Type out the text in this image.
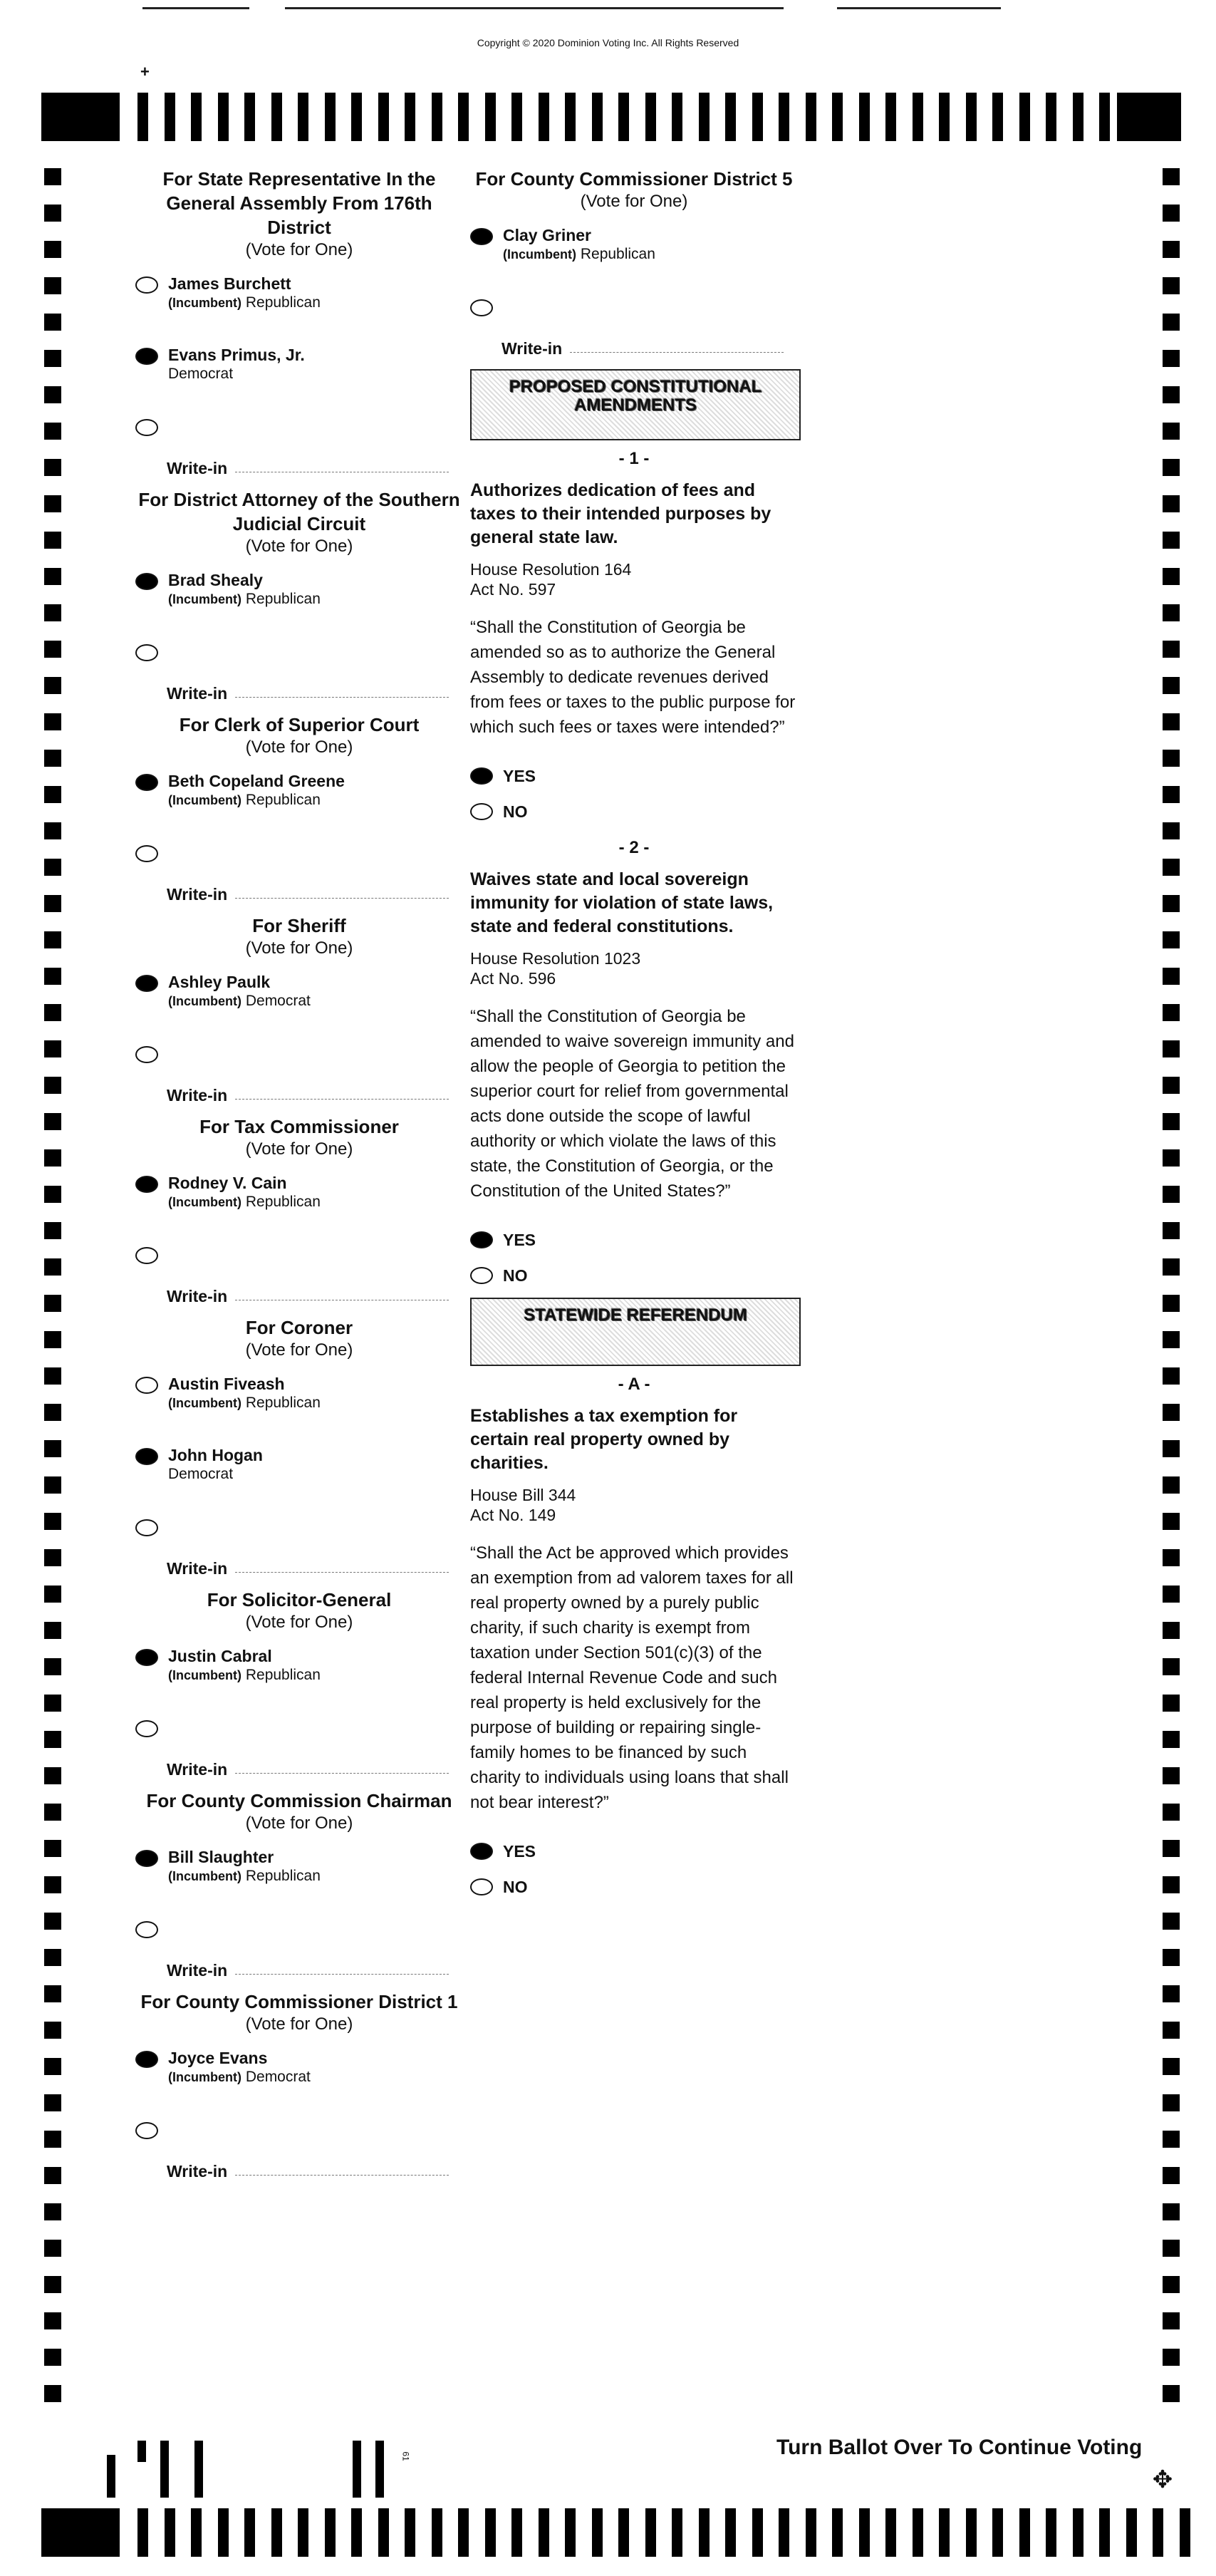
Copyright © 2020 Dominion Voting Inc. All Rights Reserved
+
For State Representative In the General Assembly From 176th District
(Vote for One)
James Burchett
(Incumbent) Republican
Evans Primus, Jr.
Democrat
Write-in
For District Attorney of the Southern Judicial Circuit
(Vote for One)
Brad Shealy
(Incumbent) Republican
Write-in
For Clerk of Superior Court
(Vote for One)
Beth Copeland Greene
(Incumbent) Republican
Write-in
For Sheriff
(Vote for One)
Ashley Paulk
(Incumbent) Democrat
Write-in
For Tax Commissioner
(Vote for One)
Rodney V. Cain
(Incumbent) Republican
Write-in
For Coroner
(Vote for One)
Austin Fiveash
(Incumbent) Republican
John Hogan
Democrat
Write-in
For Solicitor-General
(Vote for One)
Justin Cabral
(Incumbent) Republican
Write-in
For County Commission Chairman
(Vote for One)
Bill Slaughter
(Incumbent) Republican
Write-in
For County Commissioner District 1
(Vote for One)
Joyce Evans
(Incumbent) Democrat
Write-in
For County Commissioner District 5
(Vote for One)
Clay Griner
(Incumbent) Republican
Write-in
PROPOSED CONSTITUTIONAL AMENDMENTS
- 1 -
Authorizes dedication of fees and taxes to their intended purposes by general state law.
House Resolution 164
Act No. 597
“Shall the Constitution of Georgia be amended so as to authorize the General Assembly to dedicate revenues derived from fees or taxes to the public purpose for which such fees or taxes were intended?”
YES
NO
- 2 -
Waives state and local sovereign immunity for violation of state laws, state and federal constitutions.
House Resolution 1023
Act No. 596
“Shall the Constitution of Georgia be amended to waive sovereign immunity and allow the people of Georgia to petition the superior court for relief from governmental acts done outside the scope of lawful authority or which violate the laws of this state, the Constitution of Georgia, or the Constitution of the United States?”
YES
NO
STATEWIDE REFERENDUM
- A -
Establishes a tax exemption for certain real property owned by charities.
House Bill 344
Act No. 149
“Shall the Act be approved which provides an exemption from ad valorem taxes for all real property owned by a purely public charity, if such charity is exempt from taxation under Section 501(c)(3) of the federal Internal Revenue Code and such real property is held exclusively for the purpose of building or repairing single-family homes to be financed by such charity to individuals using loans that shall not bear interest?”
YES
NO
61	Turn Ballot Over To Continue Voting
✥
